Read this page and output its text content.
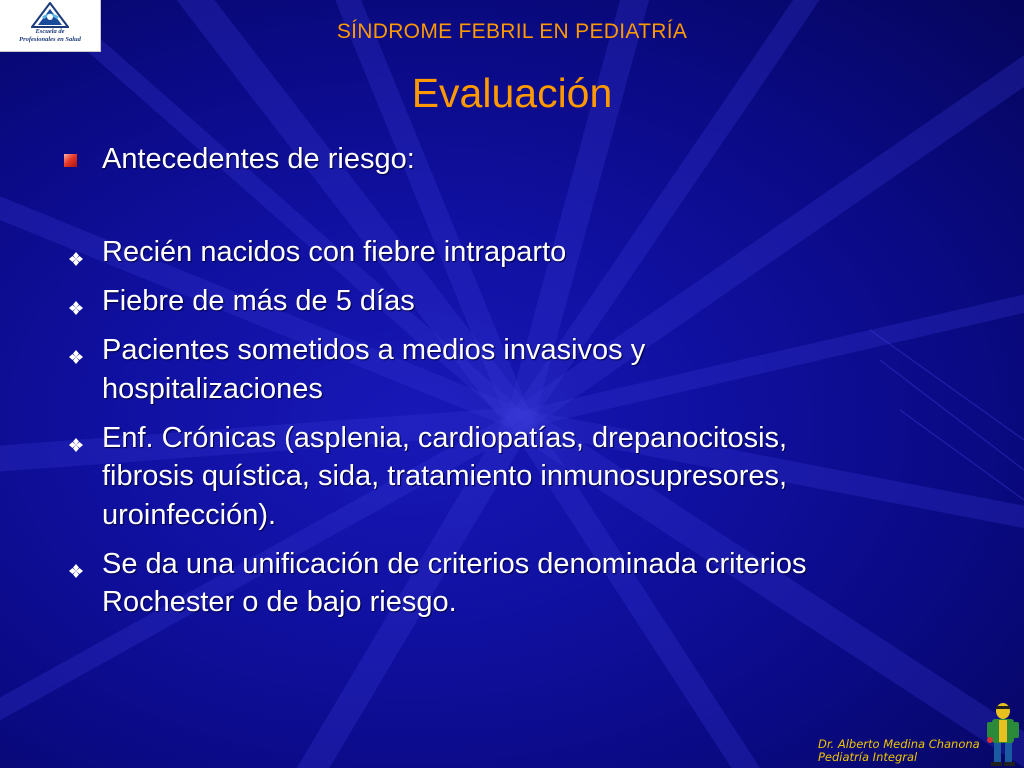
Escuela de
Profesionales en Salud	SÍNDROME FEBRIL EN PEDIATRÍA
Evaluación
Antecedentes de riesgo:
Recién nacidos con fiebre intraparto
Fiebre de más de 5 días
Pacientes sometidos a medios invasivos y
hospitalizaciones
Enf. Crónicas (asplenia, cardiopatías, drepanocitosis,
fibrosis quística, sida, tratamiento inmunosupresores,
uroinfección).
Se da una unificación de criterios denominada criterios
Rochester o de bajo riesgo.
Dr. Alberto Medina Chanona
Pediatría Integral
